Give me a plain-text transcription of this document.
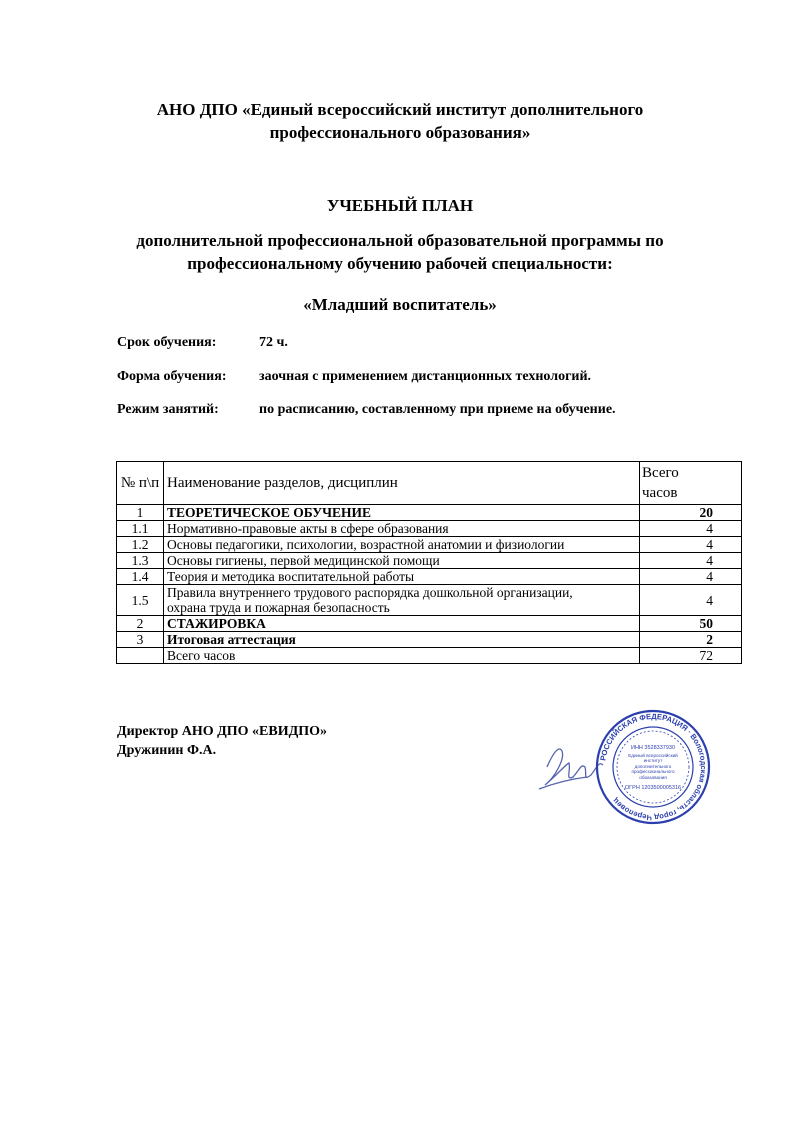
АНО ДПО «Единый всероссийский институт дополнительного
профессионального образования»
УЧЕБНЫЙ ПЛАН
дополнительной профессиональной образовательной программы по
профессиональному обучению рабочей специальности:
«Младший воспитатель»
Срок обучения:	72 ч.
Форма обучения: заочная с применением дистанционных технологий.
Режим занятий:	по расписанию, составленному при приеме на обучение.
№ п\п	Наименование разделов, дисциплин	Всего
часов

1	ТЕОРЕТИЧЕСКОЕ ОБУЧЕНИЕ	20
1.1	Нормативно-правовые акты в сфере образования	4
1.2	Основы педагогики, психологии, возрастной анатомии и физиологии	4
1.3	Основы гигиены, первой медицинской помощи	4
1.4	Теория и методика воспитательной работы	4
1.5	Правила внутреннего трудового распорядка дошкольной организации,
охрана труда и пожарная безопасность	4
2	СТАЖИРОВКА	50
3	Итоговая аттестация	2
	Всего часов	72
Директор АНО ДПО «ЕВИДПО»
Дружинин Ф.А.
РОССИЙСКАЯ ФЕДЕРАЦИЯ · Вологодская область, город Череповец
ИНН 3528337930
Единый всероссийский институт дополнительного профессионального образования
ОГРН 1203500005316
